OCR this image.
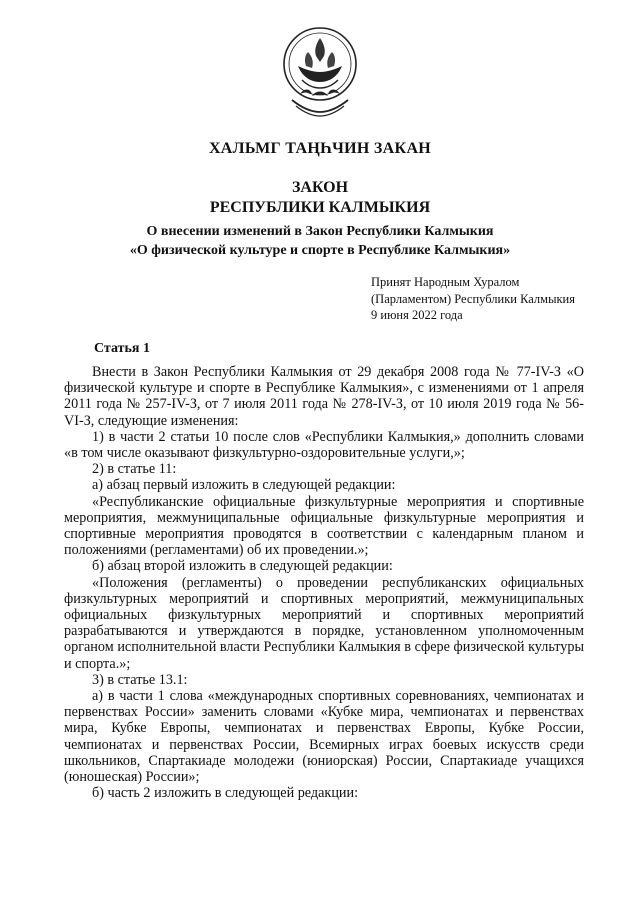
ХАЛЬМГ ТАҢҺЧИН ЗАКАН
ЗАКОН
РЕСПУБЛИКИ КАЛМЫКИЯ
О внесении изменений в Закон Республики Калмыкия
«О физической культуре и спорте в Республике Калмыкия»
Принят Народным Хуралом
(Парламентом) Республики Калмыкия
9 июня 2022 года
Статья 1

Внести в Закон Республики Калмыкия от 29 декабря 2008 года № 77-IV-З «О физической культуре и спорте в Республике Калмыкия», с изменениями от 1 апреля 2011 года № 257-IV-З, от 7 июля 2011 года № 278-IV-З, от 10 июля 2019 года № 56-VI-З, следующие изменения:

1) в части 2 статьи 10 после слов «Республики Калмыкия,» дополнить словами «в том числе оказывают физкультурно-оздоровительные услуги,»;

2) в статье 11:

а) абзац первый изложить в следующей редакции:

«Республиканские официальные физкультурные мероприятия и спортивные мероприятия, межмуниципальные официальные физкультурные мероприятия и спортивные мероприятия проводятся в соответствии с календарным планом и положениями (регламентами) об их проведении.»;

б) абзац второй изложить в следующей редакции:

«Положения (регламенты) о проведении республиканских официальных физкультурных мероприятий и спортивных мероприятий, межмуниципальных официальных физкультурных мероприятий и спортивных мероприятий разрабатываются и утверждаются в порядке, установленном уполномоченным органом исполнительной власти Республики Калмыкия в сфере физической культуры и спорта.»;

3) в статье 13.1:

а) в части 1 слова «международных спортивных соревнованиях, чемпионатах и первенствах России» заменить словами «Кубке мира, чемпионатах и первенствах мира, Кубке Европы, чемпионатах и первенствах Европы, Кубке России, чемпионатах и первенствах России, Всемирных играх боевых искусств среди школьников, Спартакиаде молодежи (юниорская) России, Спартакиаде учащихся (юношеская) России»;

б) часть 2 изложить в следующей редакции:
